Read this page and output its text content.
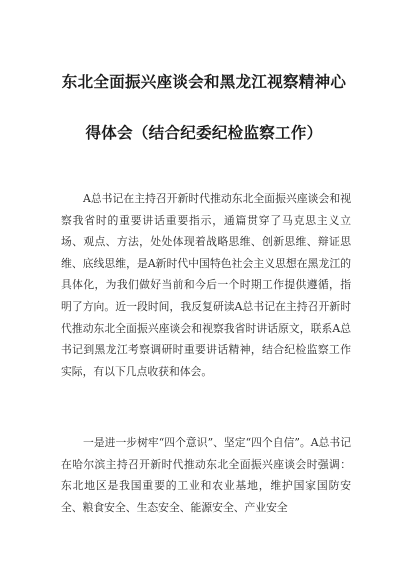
东北全面振兴座谈会和黑龙江视察精神心
得体会（结合纪委纪检监察工作）

A总书记在主持召开新时代推动东北全面振兴座谈会和视察我省时的重要讲话重要指示，通篇贯穿了马克思主义立场、观点、方法，处处体现着战略思维、创新思维、辩证思维、底线思维，是A新时代中国特色社会主义思想在黑龙江的具体化，为我们做好当前和今后一个时期工作提供遵循，指明了方向。近一段时间，我反复研读A总书记在主持召开新时代推动东北全面振兴座谈会和视察我省时讲话原文，联系A总书记到黑龙江考察调研时重要讲话精神，结合纪检监察工作实际，有以下几点收获和体会。

一是进一步树牢“四个意识”、坚定“四个自信”。A总书记在哈尔滨主持召开新时代推动东北全面振兴座谈会时强调：东北地区是我国重要的工业和农业基地，维护国家国防安全、粮食安全、生态安全、能源安全、产业安全
